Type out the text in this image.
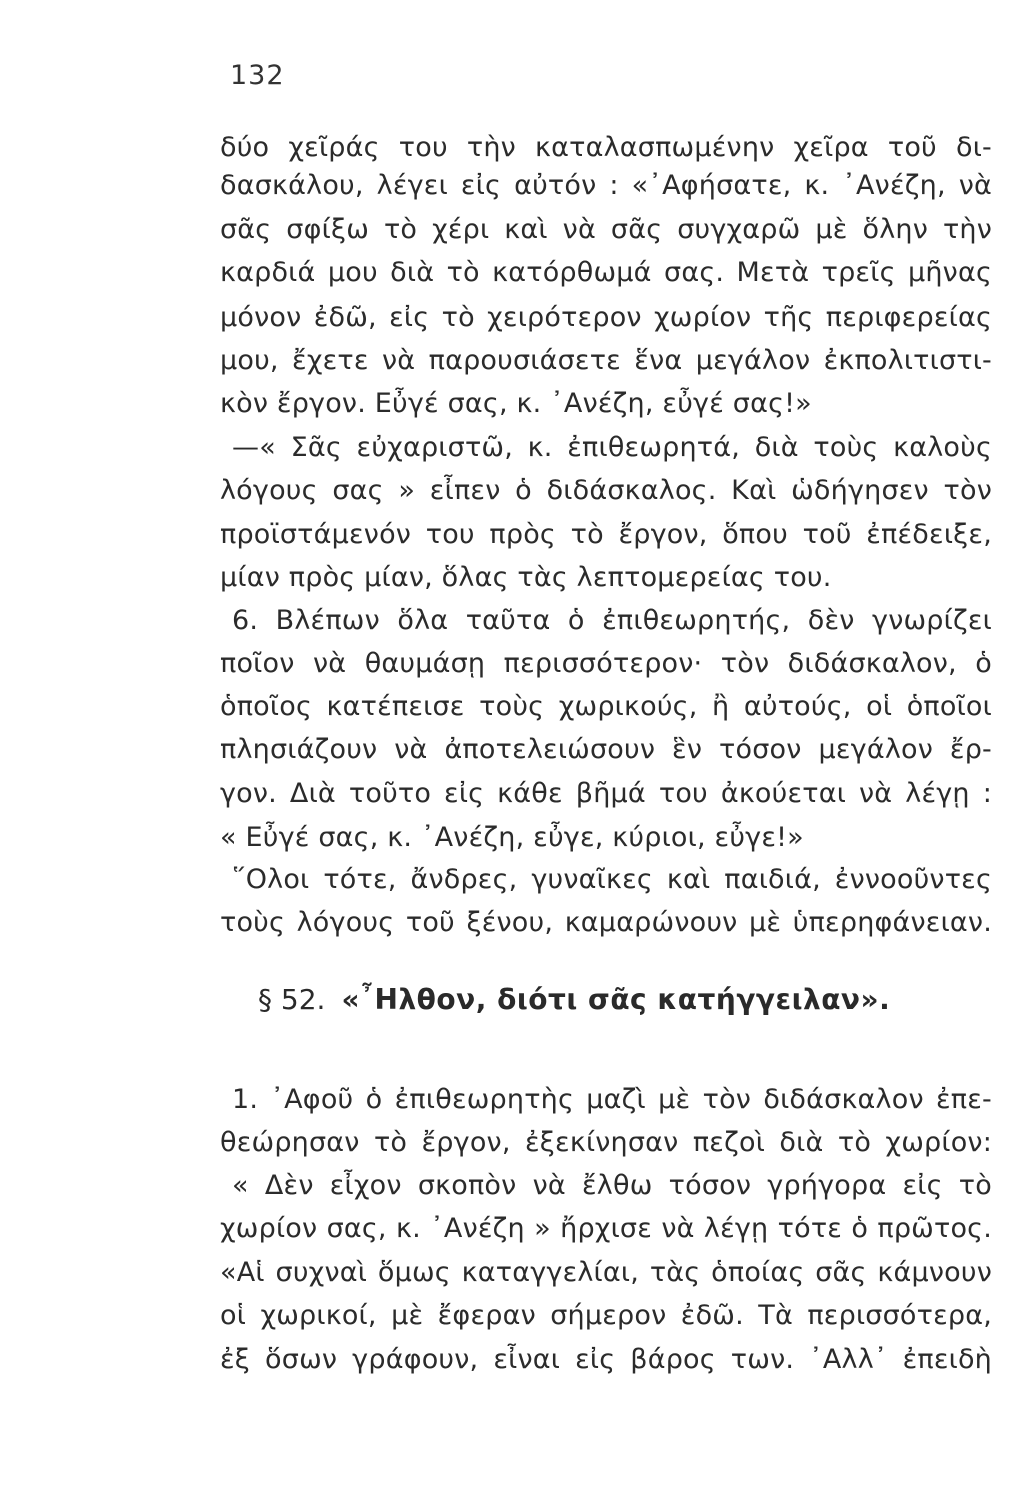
132
δύο χεῖράς του τὴν καταλασπωμένην χεῖρα τοῦ δι-
δασκάλου, λέγει εἰς αὐτόν : «᾿Αφήσατε, κ. ᾿Ανέζη, νὰ
σᾶς σφίξω τὸ χέρι καὶ νὰ σᾶς συγχαρῶ μὲ ὅλην τὴν
καρδιά μου διὰ τὸ κατόρθωμά σας. Μετὰ τρεῖς μῆνας
μόνον ἐδῶ, εἰς τὸ χειρότερον χωρίον τῆς περιφερείας
μου, ἔχετε νὰ παρουσιάσετε ἕνα μεγάλον ἐκπολιτιστι-
κὸν ἔργον. Εὖγέ σας, κ. ᾿Ανέζη, εὖγέ σας!»
—« Σᾶς εὐχαριστῶ, κ. ἐπιθεωρητά, διὰ τοὺς καλοὺς
λόγους σας » εἶπεν ὁ διδάσκαλος. Καὶ ὡδήγησεν τὸν
προϊστάμενόν του πρὸς τὸ ἔργον, ὅπου τοῦ ἐπέδειξε,
μίαν πρὸς μίαν, ὅλας τὰς λεπτομερείας του.
6. Βλέπων ὅλα ταῦτα ὁ ἐπιθεωρητής, δὲν γνωρίζει
ποῖον νὰ θαυμάσῃ περισσότερον· τὸν διδάσκαλον, ὁ
ὁποῖος κατέπεισε τοὺς χωρικούς, ἢ αὐτούς, οἱ ὁποῖοι
πλησιάζουν νὰ ἀποτελειώσουν ἓν τόσον μεγάλον ἔρ-
γον. Διὰ τοῦτο εἰς κάθε βῆμά του ἀκούεται νὰ λέγῃ :
« Εὖγέ σας, κ. ᾿Ανέζη, εὖγε, κύριοι, εὖγε!»
῞Ολοι τότε, ἄνδρες, γυναῖκες καὶ παιδιά, ἐννοοῦντες
τοὺς λόγους τοῦ ξένου, καμαρώνουν μὲ ὑπερηφάνειαν.
§ 52. «῏Ηλθον, διότι σᾶς κατήγγειλαν».
1. ᾿Αφοῦ ὁ ἐπιθεωρητὴς μαζὶ μὲ τὸν διδάσκαλον ἐπε-
θεώρησαν τὸ ἔργον, ἐξεκίνησαν πεζοὶ διὰ τὸ χωρίον:
« Δὲν εἶχον σκοπὸν νὰ ἔλθω τόσον γρήγορα εἰς τὸ
χωρίον σας, κ. ᾿Ανέζη » ἤρχισε νὰ λέγῃ τότε ὁ πρῶτος.
«Αἱ συχναὶ ὅμως καταγγελίαι, τὰς ὁποίας σᾶς κάμνουν
οἱ χωρικοί, μὲ ἔφεραν σήμερον ἐδῶ. Τὰ περισσότερα,
ἐξ ὅσων γράφουν, εἶναι εἰς βάρος των. ᾿Αλλ᾿ ἐπειδὴ
